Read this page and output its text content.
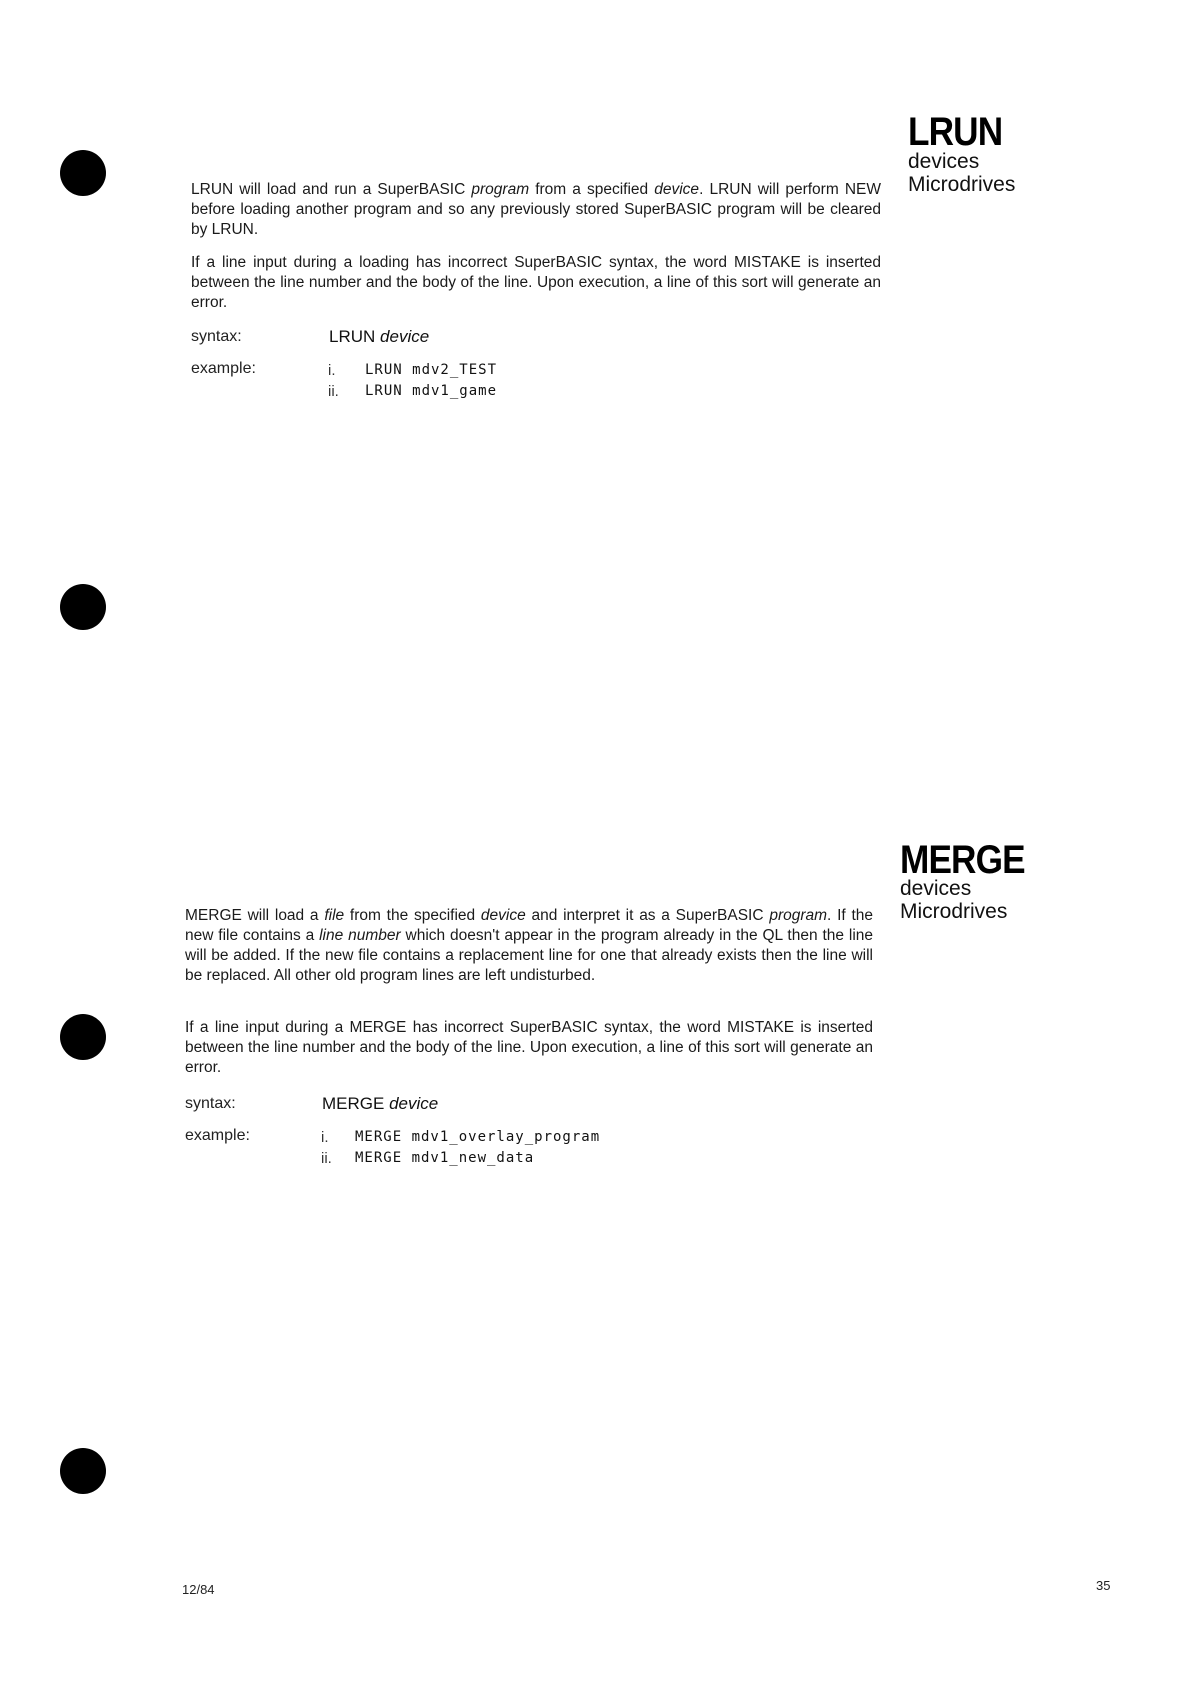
LRUN
devices
Microdrives
LRUN will load and run a SuperBASIC program from a specified device. LRUN will perform NEW before loading another program and so any previously stored SuperBASIC program will be cleared by LRUN.
If a line input during a loading has incorrect SuperBASIC syntax, the word MISTAKE is inserted between the line number and the body of the line. Upon execution, a line of this sort will generate an error.
syntax:	LRUN device
example:	i. LRUN mdv2_TEST
ii. LRUN mdv1_game
MERGE
devices
Microdrives
MERGE will load a file from the specified device and interpret it as a SuperBASIC program. If the new file contains a line number which doesn't appear in the program already in the QL then the line will be added. If the new file contains a replacement line for one that already exists then the line will be replaced. All other old program lines are left undisturbed.
If a line input during a MERGE has incorrect SuperBASIC syntax, the word MISTAKE is inserted between the line number and the body of the line. Upon execution, a line of this sort will generate an error.
syntax:	MERGE device
example:	i. MERGE mdv1_overlay_program
ii. MERGE mdv1_new_data
12/84	35
